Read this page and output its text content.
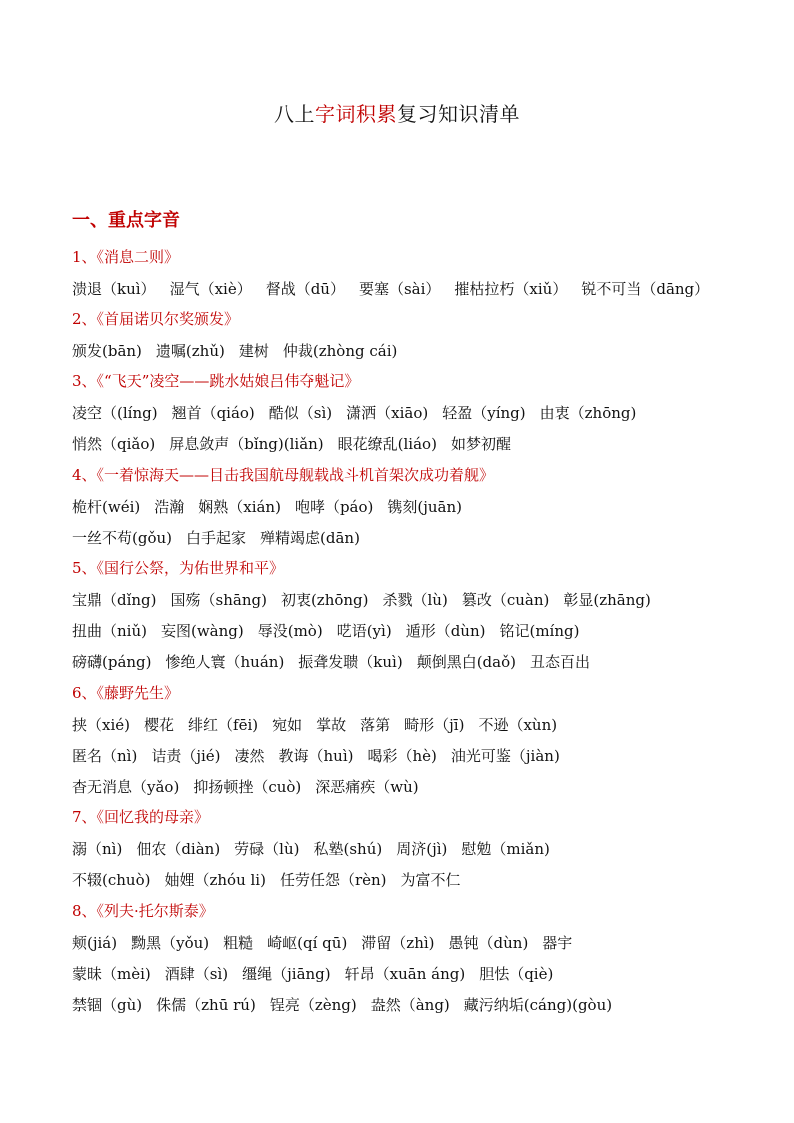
八上字词积累复习知识清单
一、重点字音
1、《消息二则》
溃退（kuì） 湿气（xiè） 督战（dū） 要塞（sài） 摧枯拉朽（xiǔ） 锐不可当（dāng）
2、《首届诺贝尔奖颁发》
颁发(bān) 遗嘱(zhǔ) 建树 仲裁(zhòng cái)
3、《“飞天”凌空——跳水姑娘吕伟夺魁记》
凌空（(líng) 翘首（qiáo) 酷似（sì) 潇洒（xiāo) 轻盈（yíng) 由衷（zhōng)
悄然（qiǎo) 屏息敛声（bǐng)(liǎn) 眼花缭乱(liáo) 如梦初醒
4、《一着惊海天——目击我国航母舰载战斗机首架次成功着舰》
桅杆(wéi) 浩瀚 娴熟（xián) 咆哮（páo) 镌刻(juān)
一丝不苟(gǒu) 白手起家 殚精竭虑(dān)
5、《国行公祭，为佑世界和平》
宝鼎（dǐng) 国殇（shāng) 初衷(zhōng) 杀戮（lù) 篡改（cuàn) 彰显(zhāng)
扭曲（niǔ) 妄图(wàng) 辱没(mò) 呓语(yì) 遁形（dùn) 铭记(míng)
磅礴(páng) 惨绝人寰（huán) 振聋发聩（kuì) 颠倒黑白(daǒ) 丑态百出
6、《藤野先生》
挟（xié) 樱花 绯红（fēi) 宛如 掌故 落第 畸形（jī) 不逊（xùn)
匿名（nì) 诘责（jié) 凄然 教诲（huì) 喝彩（hè) 油光可鉴（jiàn)
杳无消息（yǎo) 抑扬顿挫（cuò) 深恶痛疾（wù)
7、《回忆我的母亲》
溺（nì) 佃农（diàn) 劳碌（lù) 私塾(shú) 周济(jì) 慰勉（miǎn)
不辍(chuò) 妯娌（zhóu li) 任劳任怨（rèn) 为富不仁
8、《列夫·托尔斯泰》
颊(jiá) 黝黑（yǒu) 粗糙 崎岖(qí qū) 滞留（zhì) 愚钝（dùn) 器宇
蒙昧（mèi) 酒肆（sì) 缰绳（jiāng) 轩昂（xuān áng) 胆怯（qiè)
禁锢（gù) 侏儒（zhū rú) 锃亮（zèng) 盎然（àng) 藏污纳垢(cáng)(gòu)
